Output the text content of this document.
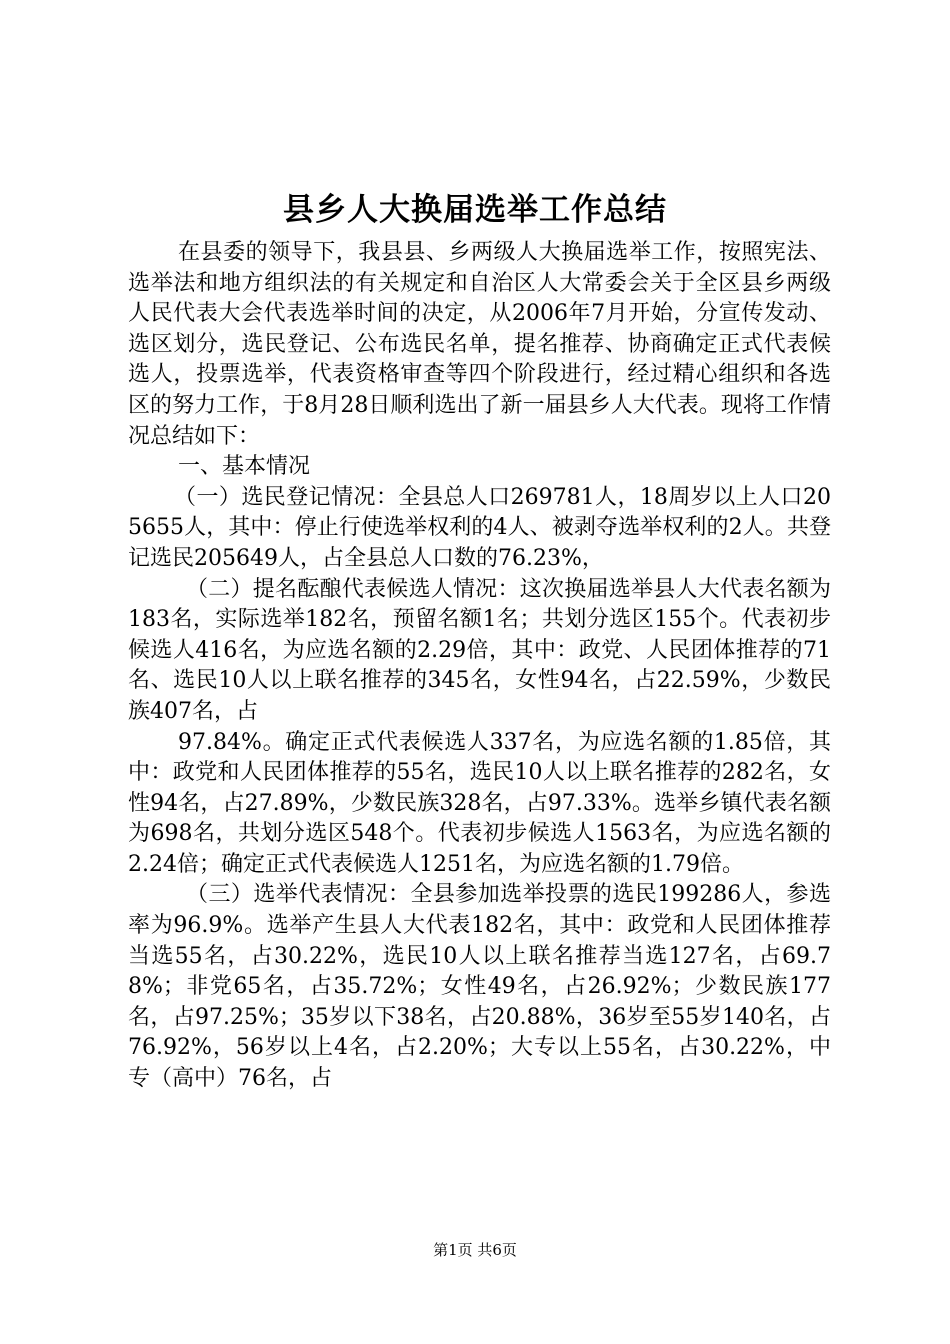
县乡人大换届选举工作总结

在县委的领导下，我县县、乡两级人大换届选举工作，按照宪法、选举法和地方组织法的有关规定和自治区人大常委会关于全区县乡两级人民代表大会代表选举时间的决定，从2006年7月开始，分宣传发动、选区划分，选民登记、公布选民名单，提名推荐、协商确定正式代表候选人，投票选举，代表资格审查等四个阶段进行，经过精心组织和各选区的努力工作，于8月28日顺利选出了新一届县乡人大代表。现将工作情况总结如下：

一、基本情况

（一）选民登记情况：全县总人口269781人，18周岁以上人口205655人，其中：停止行使选举权利的4人、被剥夺选举权利的2人。共登记选民205649人，占全县总人口数的76.23%，

（二）提名酝酿代表候选人情况：这次换届选举县人大代表名额为183名，实际选举182名，预留名额1名；共划分选区155个。代表初步候选人416名，为应选名额的2.29倍，其中：政党、人民团体推荐的71名、选民10人以上联名推荐的345名，女性94名，占22.59%，少数民族407名，占

97.84%。确定正式代表候选人337名，为应选名额的1.85倍，其中：政党和人民团体推荐的55名，选民10人以上联名推荐的282名，女性94名，占27.89%，少数民族328名，占97.33%。选举乡镇代表名额为698名，共划分选区548个。代表初步候选人1563名，为应选名额的2.24倍；确定正式代表候选人1251名，为应选名额的1.79倍。

（三）选举代表情况：全县参加选举投票的选民199286人，参选率为96.9%。选举产生县人大代表182名，其中：政党和人民团体推荐当选55名，占30.22%，选民10人以上联名推荐当选127名，占69.78%；非党65名，占35.72%；女性49名，占26.92%；少数民族177名，占97.25%；35岁以下38名，占20.88%，36岁至55岁140名，占76.92%，56岁以上4名，占2.20%；大专以上55名，占30.22%，中专（高中）76名，占

第1页 共6页
